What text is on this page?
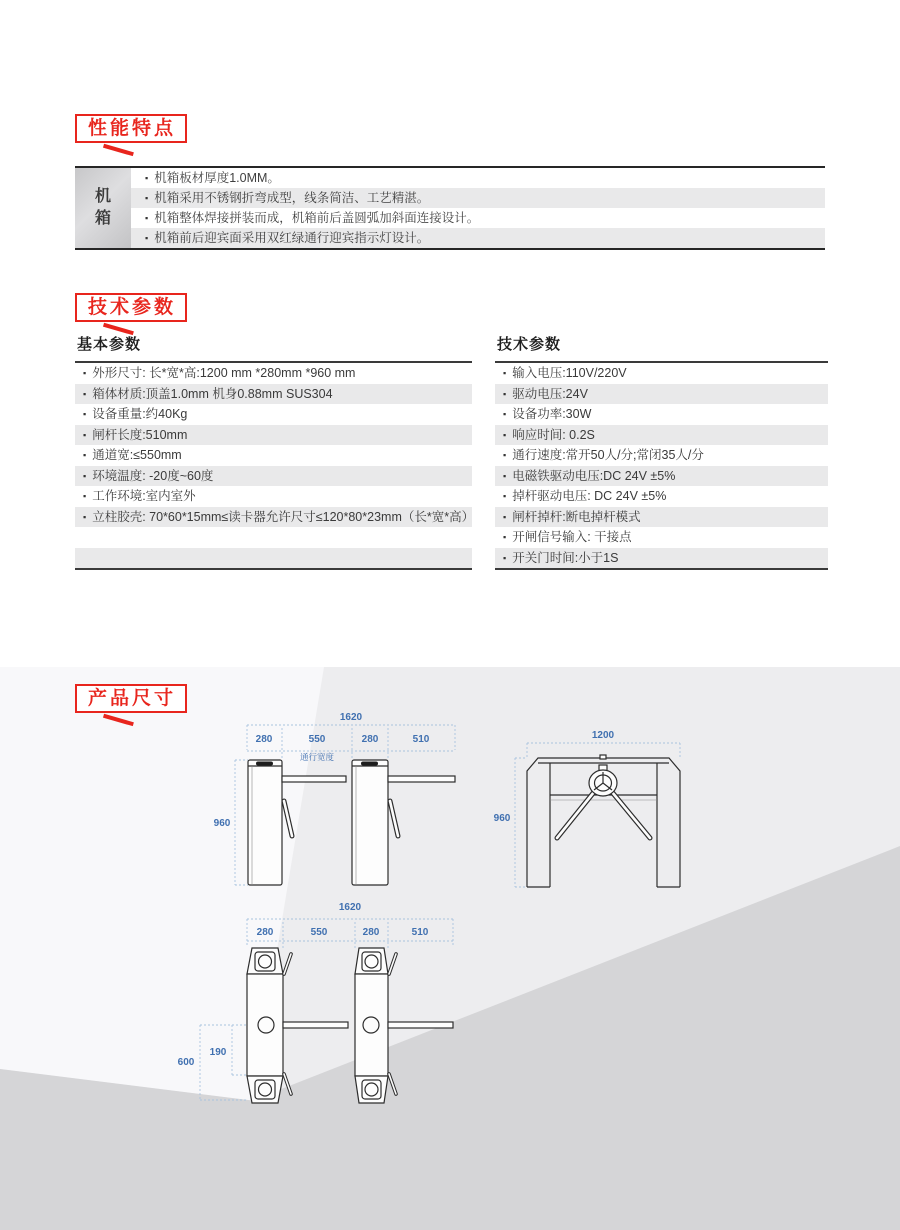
性能特点
机箱
▪ 机箱板材厚度1.0MM。
▪ 机箱采用不锈钢折弯成型，线条简洁、工艺精湛。
▪ 机箱整体焊接拼装而成，机箱前后盖圆弧加斜面连接设计。
▪ 机箱前后迎宾面采用双红绿通行迎宾指示灯设计。
技术参数
基本参数
▪ 外形尺寸: 长*宽*高:1200 mm *280mm *960 mm
▪ 箱体材质:顶盖1.0mm 机身0.88mm SUS304
▪ 设备重量:约40Kg
▪ 闸杆长度:510mm
▪ 通道宽:≤550mm
▪ 环境温度: -20度~60度
▪ 工作环境:室内室外
▪ 立柱胶壳: 70*60*15mm≤读卡器允许尺寸≤120*80*23mm（长*宽*高）
技术参数
▪ 输入电压:110V/220V
▪ 驱动电压:24V
▪ 设备功率:30W
▪ 响应时间: 0.2S
▪ 通行速度:常开50人/分;常闭35人/分
▪ 电磁铁驱动电压:DC 24V ±5%
▪ 掉杆驱动电压: DC 24V ±5%
▪ 闸杆掉杆:断电掉杆模式
▪ 开闸信号输入: 干接点
▪ 开关门时间:小于1S
产品尺寸
1620
280	550	280	510
通行宽度
960
1200
960
1620
280	550	280	510
600
190
